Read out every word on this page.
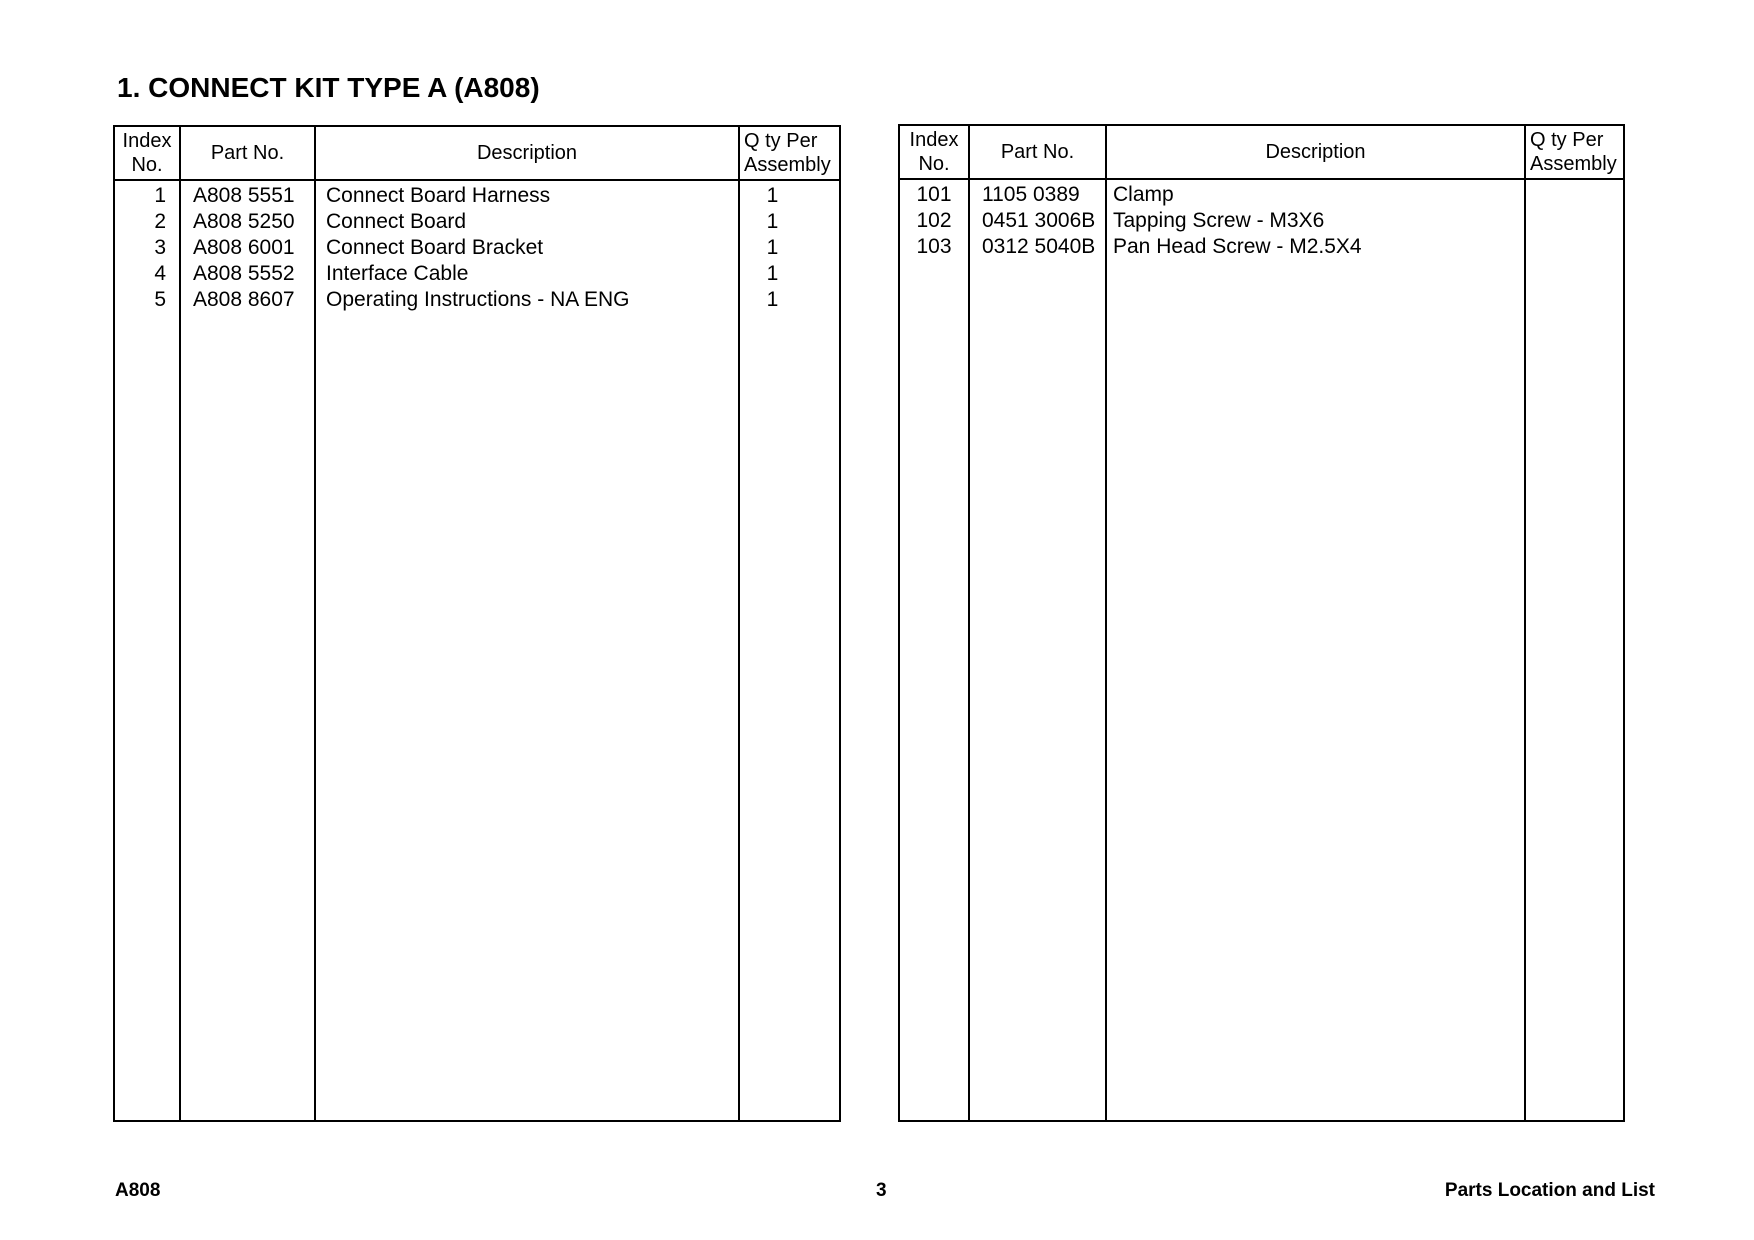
1. CONNECT KIT TYPE A (A808)
Index
No.	Part No.	Description	Q ty Per
Assembly
1	A808 5551	Connect Board Harness	1
2	A808 5250	Connect Board	1
3	A808 6001	Connect Board Bracket	1
4	A808 5552	Interface Cable	1
5	A808 8607	Operating Instructions - NA ENG	1

Index
No.	Part No.	Description	Q ty Per
Assembly
101	1105 0389	Clamp	
102	0451 3006B	Tapping Screw - M3X6	
103	0312 5040B	Pan Head Screw - M2.5X4	

A808	3	Parts Location and List
